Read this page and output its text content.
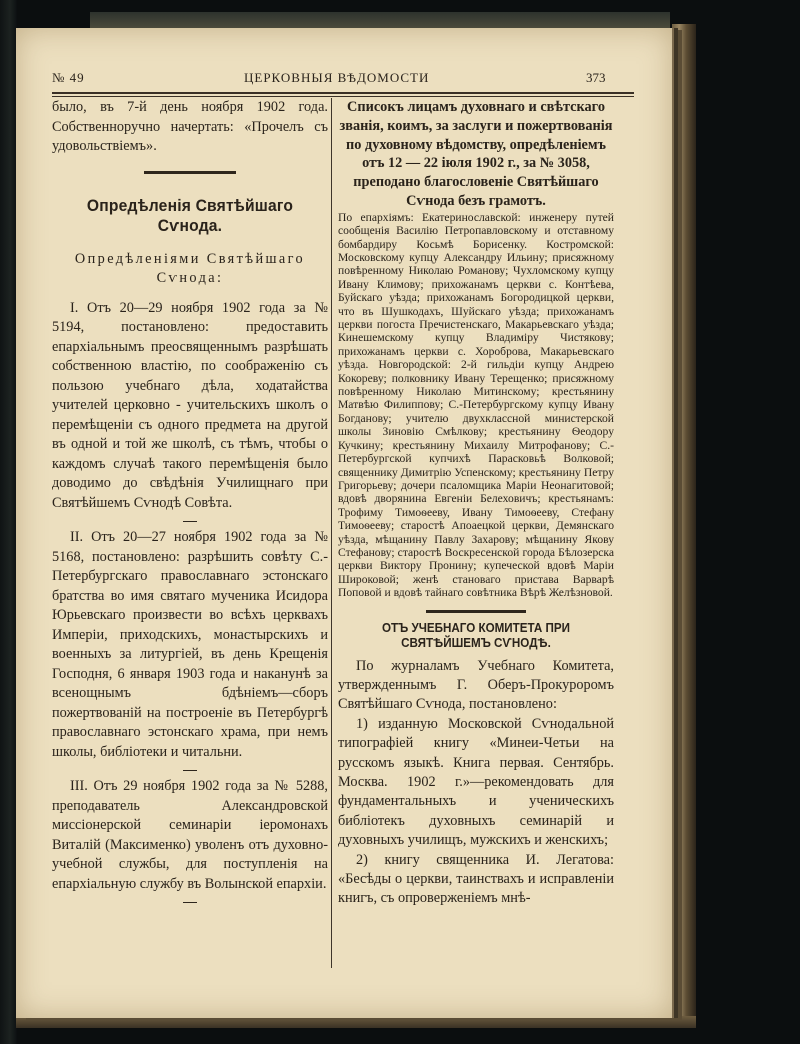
№ 49	ЦЕРКОВНЫЯ ВѢДОМОСТИ	373

было, въ 7-й день ноября 1902 года. Собственноручно начертать: «Прочелъ съ удовольствіемъ».

Опредѣленія Святѣйшаго Сѵнода.
Опредѣленіями Святѣйшаго Сѵнода:

I. Отъ 20—29 ноября 1902 года за № 5194, постановлено: предоставить епархіальнымъ преосвященнымъ разрѣшать собственною властію, по соображенію съ пользою учебнаго дѣла, ходатайства учителей церковно - учительскихъ школъ о перемѣщеніи съ одного предмета на другой въ одной и той же школѣ, съ тѣмъ, чтобы о каждомъ случаѣ такого перемѣщенія было доводимо до свѣдѣнія Училищнаго при Святѣйшемъ Сѵнодѣ Совѣта.

II. Отъ 20—27 ноября 1902 года за № 5168, постановлено: разрѣшить совѣту С.-Петербургскаго православнаго эстонскаго братства во имя святаго мученика Исидора Юрьевскаго произвести во всѣхъ церквахъ Имперіи, приходскихъ, монастырскихъ и военныхъ за литургіей, въ день Крещенія Господня, 6 января 1903 года и наканунѣ за всенощнымъ бдѣніемъ—сборъ пожертвованій на построеніе въ Петербургѣ православнаго эстонскаго храма, при немъ школы, библіотеки и читальни.

III. Отъ 29 ноября 1902 года за № 5288, преподаватель Александровской миссіонерской семинаріи іеромонахъ Виталій (Максименко) уволенъ отъ духовно-учебной службы, для поступленія на епархіальную службу въ Волынской епархіи.

Списокъ лицамъ духовнаго и свѣтскаго званія, коимъ, за заслуги и пожертвованія по духовному вѣдомству, опредѣленіемъ отъ 12 — 22 іюля 1902 г., за № 3058, преподано благословеніе Святѣйшаго Сѵнода безъ грамотъ.

По епархіямъ: Екатеринославской: инженеру путей сообщенія Василію Петропавловскому и отставному бомбардиру Косьмѣ Борисенку. Костромской: Московскому купцу Александру Ильину; присяжному повѣренному Николаю Романову; Чухломскому купцу Ивану Климову; прихожанамъ церкви с. Контѣева, Буйскаго уѣзда; прихожанамъ Богородицкой церкви, что въ Шушкодахъ, Шуйскаго уѣзда; прихожанамъ церкви погоста Пречистенскаго, Макарьевскаго уѣзда; Кинешемскому купцу Владиміру Чистякову; прихожанамъ церкви с. Хороброва, Макарьевскаго уѣзда. Новгородской: 2-й гильдіи купцу Андрею Кокореву; полковнику Ивану Терещенко; присяжному повѣренному Николаю Митинскому; крестьянину Матвѣю Филиппову; С.-Петербургскому купцу Ивану Богданову; учителю двухклассной министерской школы Зиновію Смѣлкову; крестьянину Ѳеодору Кучкину; крестьянину Михаилу Митрофанову; С.-Петербургской купчихѣ Парасковьѣ Волковой; священнику Димитрію Успенскому; крестьянину Петру Григорьеву; дочери псаломщика Маріи Неонагитовой; вдовѣ дворянина Евгеніи Белеховичъ; крестьянамъ: Трофиму Тимоѳееву, Ивану Тимоѳееву, Стефану Тимоѳееву; старостѣ Апоаецкой церкви, Демянскаго уѣзда, мѣщанину Павлу Захарову; мѣщанину Якову Стефанову; старостѣ Воскресенской города Бѣлозерска церкви Виктору Пронину; купеческой вдовѣ Маріи Широковой; женѣ становаго пристава Варварѣ Поповой и вдовѣ тайнаго совѣтника Вѣрѣ Желѣзновой.

ОТЪ УЧЕБНАГО КОМИТЕТА ПРИ СВЯТѢЙШЕМЪ СѴНОДѢ.

По журналамъ Учебнаго Комитета, утвержденнымъ Г. Оберъ-Прокуроромъ Святѣйшаго Сѵнода, постановлено:

1) изданную Московской Сѵнодальной типографіей книгу «Минеи-Четьи на русскомъ языкѣ. Книга первая. Сентябрь. Москва. 1902 г.»—рекомендовать для фундаментальныхъ и ученическихъ библіотекъ духовныхъ семинарій и духовныхъ училищъ, мужскихъ и женскихъ;

2) книгу священника И. Легатова: «Бесѣды о церкви, таинствахъ и исправленіи книгъ, съ опроверженіемъ мнѣ-
